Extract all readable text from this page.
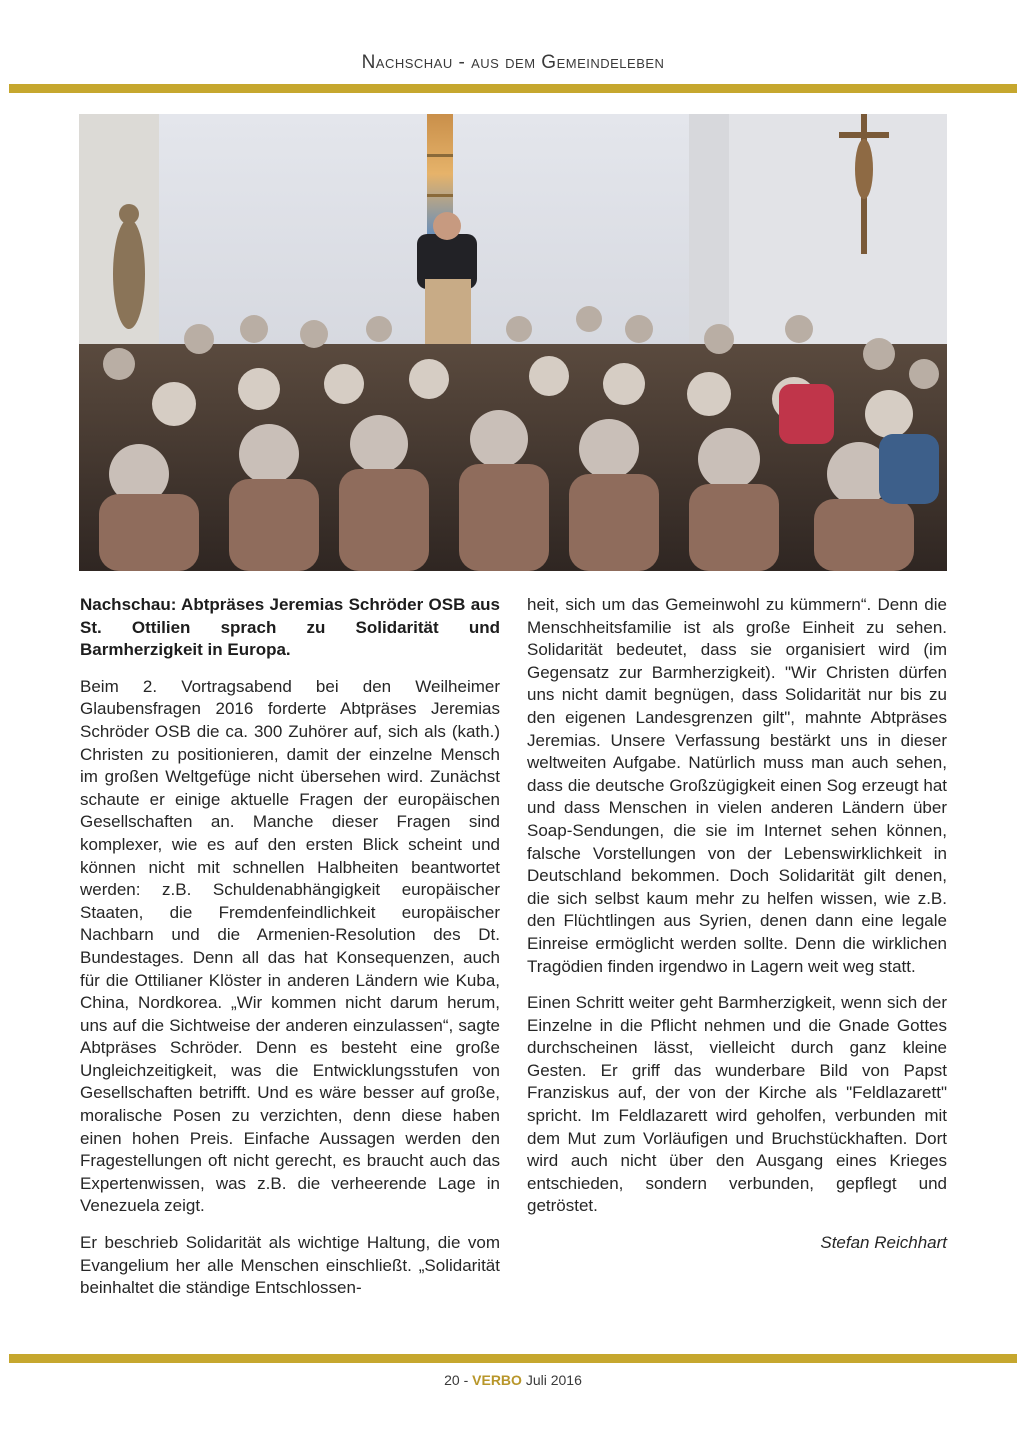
Nachschau - aus dem Gemeindeleben

Nachschau: Abtpräses Jeremias Schröder OSB aus St. Ottilien sprach zu Solidarität und Barmherzigkeit in Europa.

Beim 2. Vortragsabend bei den Weilheimer Glaubensfragen 2016 forderte Abtpräses Jeremias Schröder OSB die ca. 300 Zuhörer auf, sich als (kath.) Christen zu positionieren, damit der einzelne Mensch im großen Weltgefüge nicht übersehen wird. Zunächst schaute er einige aktuelle Fragen der europäischen Gesellschaften an. Manche dieser Fragen sind komplexer, wie es auf den ersten Blick scheint und können nicht mit schnellen Halbheiten beantwortet werden: z.B. Schuldenabhängigkeit europäischer Staaten, die Fremdenfeindlichkeit europäischer Nachbarn und die Armenien-Resolution des Dt. Bundestages. Denn all das hat Konsequenzen, auch für die Ottilianer Klöster in anderen Ländern wie Kuba, China, Nordkorea. „Wir kommen nicht darum herum, uns auf die Sichtweise der anderen einzulassen“, sagte Abtpräses Schröder. Denn es besteht eine große Ungleichzeitigkeit, was die Entwicklungsstufen von Gesellschaften betrifft. Und es wäre besser auf große, moralische Posen zu verzichten, denn diese haben einen hohen Preis. Einfache Aussagen werden den Fragestellungen oft nicht gerecht, es braucht auch das Expertenwissen, was z.B. die verheerende Lage in Venezuela zeigt.

Er beschrieb Solidarität als wichtige Haltung, die vom Evangelium her alle Menschen einschließt. „Solidarität beinhaltet die ständige Entschlossen-

heit, sich um das Gemeinwohl zu kümmern“. Denn die Menschheitsfamilie ist als große Einheit zu sehen. Solidarität bedeutet, dass sie organisiert wird (im Gegensatz zur Barmherzigkeit). "Wir Christen dürfen uns nicht damit begnügen, dass Solidarität nur bis zu den eigenen Landesgrenzen gilt", mahnte Abtpräses Jeremias. Unsere Verfassung bestärkt uns in dieser weltweiten Aufgabe. Natürlich muss man auch sehen, dass die deutsche Großzügigkeit einen Sog erzeugt hat und dass Menschen in vielen anderen Ländern über Soap-Sendungen, die sie im Internet sehen können, falsche Vorstellungen von der Lebenswirklichkeit in Deutschland bekommen. Doch Solidarität gilt denen, die sich selbst kaum mehr zu helfen wissen, wie z.B. den Flüchtlingen aus Syrien, denen dann eine legale Einreise ermöglicht werden sollte. Denn die wirklichen Tragödien finden irgendwo in Lagern weit weg statt.

Einen Schritt weiter geht Barmherzigkeit, wenn sich der Einzelne in die Pflicht nehmen und die Gnade Gottes durchscheinen lässt, vielleicht durch ganz kleine Gesten. Er griff das wunderbare Bild von Papst Franziskus auf, der von der Kirche als "Feldlazarett" spricht. Im Feldlazarett wird geholfen, verbunden mit dem Mut zum Vorläufigen und Bruchstückhaften. Dort wird auch nicht über den Ausgang eines Krieges entschieden, sondern verbunden, gepflegt und getröstet.

Stefan Reichhart

20 - VERBO Juli 2016
